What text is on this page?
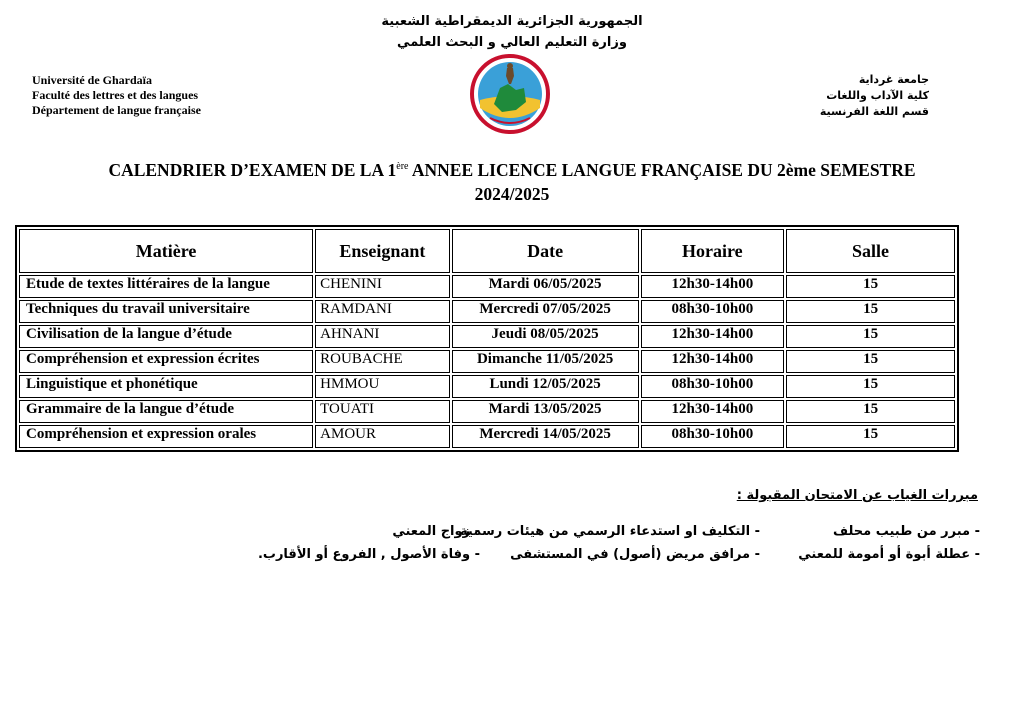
الجمهورية الجزائرية الديمقراطية الشعبية
وزارة التعليم العالي و البحث العلمي
Université de Ghardaïa
Faculté des lettres et des langues
Département de langue française
جامعة غرداية
كلية الآداب واللغات
قسم اللغة الفرنسية
CALENDRIER D’EXAMEN DE LA 1ère ANNEE LICENCE LANGUE FRANÇAISE DU 2ème SEMESTRE
2024/2025
Matière	Enseignant	Date	Horaire	Salle
Etude de textes littéraires de la langue	CHENINI	Mardi 06/05/2025	12h30-14h00	15
Techniques du travail universitaire	RAMDANI	Mercredi 07/05/2025	08h30-10h00	15
Civilisation de la langue d’étude	AHNANI	Jeudi 08/05/2025	12h30-14h00	15
Compréhension et expression écrites	ROUBACHE	Dimanche 11/05/2025	12h30-14h00	15
Linguistique et phonétique	HMMOU	Lundi 12/05/2025	08h30-10h00	15
Grammaire de la langue d’étude	TOUATI	Mardi 13/05/2025	12h30-14h00	15
Compréhension et expression orales	AMOUR	Mercredi 14/05/2025	08h30-10h00	15
مبررات الغياب عن الامتحان المقبولة :
- مبرر من طبيب محلف
- التكليف او استدعاء الرسمي من هيئات رسمية
- زواج المعني
- عطلة أبوة أو أمومة للمعني
- مرافق مريض (أصول) في المستشفى
- وفاة الأصول , الفروع أو الأقارب.
